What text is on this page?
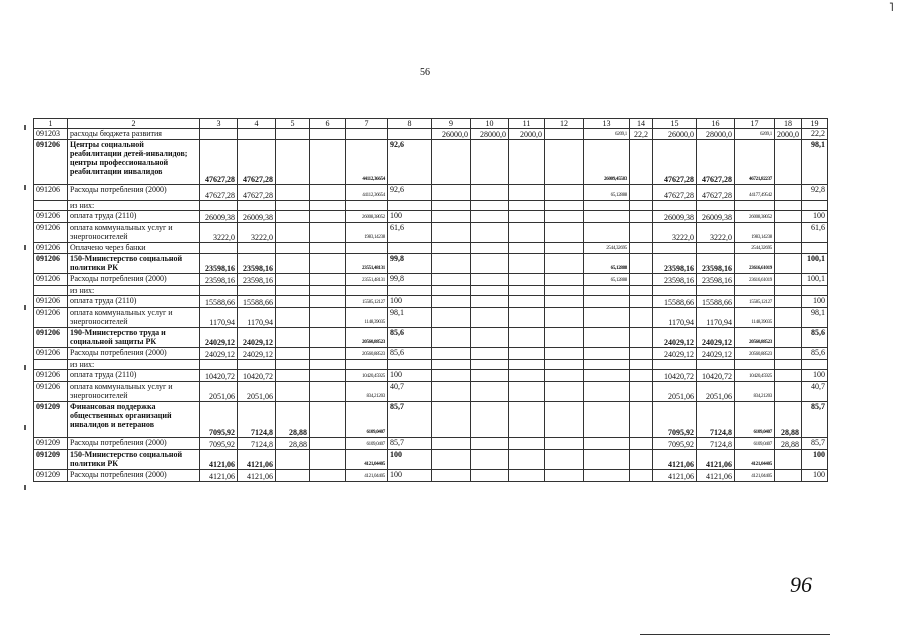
˥
56
1	2	3	4	5	6	7	8	9	10	11	12	13	14	15	16	17	18	19
091203	расходы бюджета развития							26000,0	28000,0	2000,0		6209,1	22,2	26000,0	28000,0	6209,1	2000,0	22,2
091206	Центры социальной реабилитации детей-инвалидов; центры профессиональной реабилитации инвалидов	47627,28	47627,28			44112,36654	92,6					26009,45583		47627,28	47627,28	46721,82237		98,1
091206	Расходы потребления (2000)	47627,28	47627,28			44112,36654	92,6					65,12888		47627,28	47627,28	44177,49542		92,8
	из них:																	
091206	оплата труда (2110)	26009,38	26009,38			26008,38052	100							26009,38	26009,38	26008,38052		100
091206	оплата коммунальных услуг и энергоносителей	3222,0	3222,0			1983,14238	61,6							3222,0	3222,0	1983,14238		61,6
091206	Оплачено через банки											2544,32695				2544,32695		
091206	150-Министерство социальной политики РК	23598,16	23598,16			23551,48131	99,8					65,12888		23598,16	23598,16	23616,61019		100,1
091206	Расходы потребления (2000)	23598,16	23598,16			23551,48131	99,8					65,12888		23598,16	23598,16	23616,61019		100,1
	из них:																	
091206	оплата труда (2110)	15588,66	15588,66			15585,12127	100							15588,66	15588,66	15585,12127		100
091206	оплата коммунальных услуг и энергоносителей	1170,94	1170,94			1148,39035	98,1							1170,94	1170,94	1148,39035		98,1
091206	190-Министерство труда и социальной защиты РК	24029,12	24029,12			20560,88523	85,6							24029,12	24029,12	20560,88523		85,6
091206	Расходы потребления (2000)	24029,12	24029,12			20560,88523	85,6							24029,12	24029,12	20560,88523		85,6
	из них:																	
091206	оплата труда (2110)	10420,72	10420,72			10420,45925	100							10420,72	10420,72	10420,45925		100
091206	оплата коммунальных услуг и энергоносителей	2051,06	2051,06			834,21203	40,7							2051,06	2051,06	834,21203		40,7
091209	Финансовая поддержка общественных организаций инвалидов и ветеранов	7095,92	7124,8	28,88		6109,0407	85,7							7095,92	7124,8	6109,0407	28,88	85,7
091209	Расходы потребления (2000)	7095,92	7124,8	28,88		6109,0407	85,7							7095,92	7124,8	6109,0407	28,88	85,7
091209	150-Министерство социальной политики РК	4121,06	4121,06			4121,04405	100							4121,06	4121,06	4121,04405		100
091209	Расходы потребления (2000)	4121,06	4121,06			4121,04405	100							4121,06	4121,06	4121,04405		100
96
